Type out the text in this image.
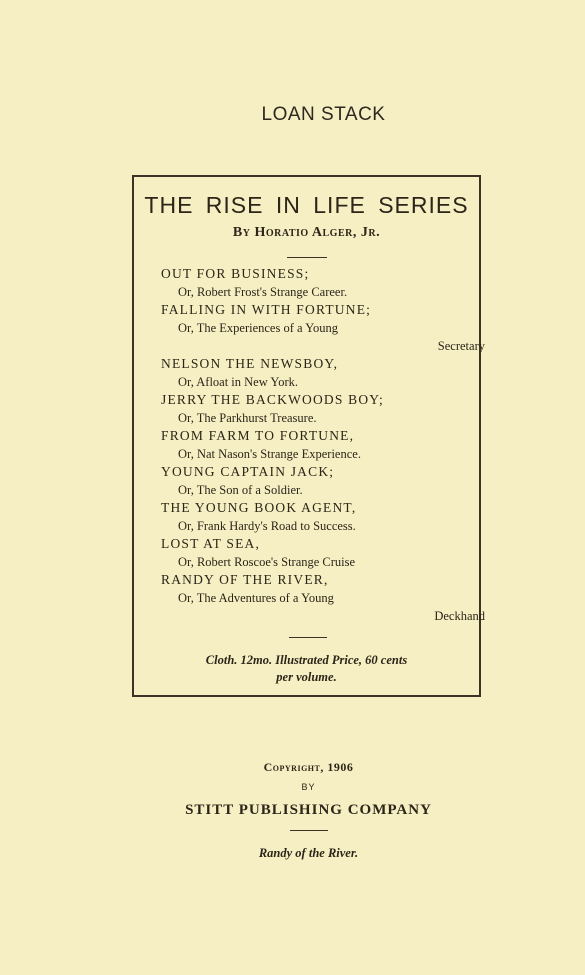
LOAN STACK
THE RISE IN LIFE SERIES
By Horatio Alger, Jr.
OUT FOR BUSINESS;
Or, Robert Frost's Strange Career.
FALLING IN WITH FORTUNE;
Or, The Experiences of a Young
Secretary
NELSON THE NEWSBOY,
Or, Afloat in New York.
JERRY THE BACKWOODS BOY;
Or, The Parkhurst Treasure.
FROM FARM TO FORTUNE,
Or, Nat Nason's Strange Experience.
YOUNG CAPTAIN JACK;
Or, The Son of a Soldier.
THE YOUNG BOOK AGENT,
Or, Frank Hardy's Road to Success.
LOST AT SEA,
Or, Robert Roscoe's Strange Cruise
RANDY OF THE RIVER,
Or, The Adventures of a Young
Deckhand
Cloth. 12mo. Illustrated Price, 60 cents
per volume.
Copyright, 1906
BY
STITT PUBLISHING COMPANY
Randy of the River.
